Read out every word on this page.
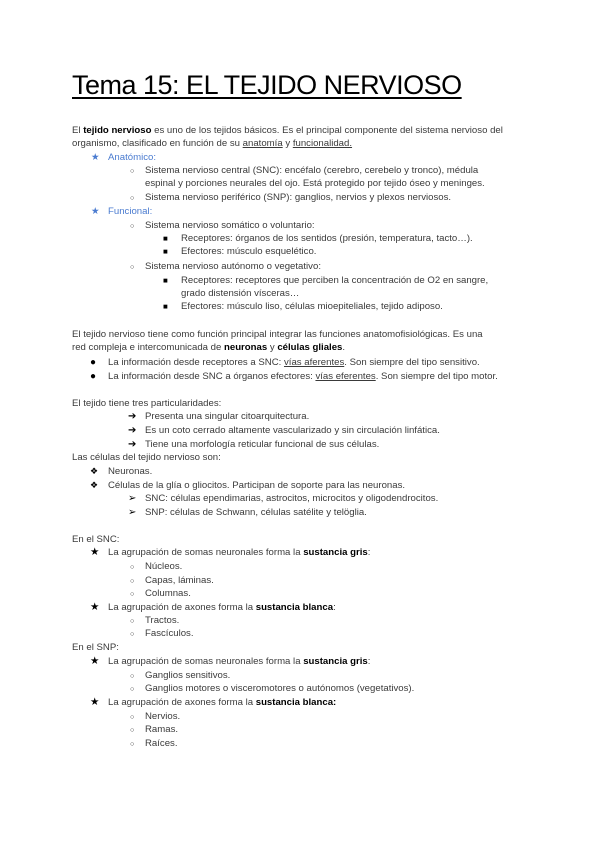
Tema 15: EL TEJIDO NERVIOSO
El tejido nervioso es uno de los tejidos básicos. Es el principal componente del sistema nervioso del
organismo, clasificado en función de su anatomía y funcionalidad.
★ Anatómico:
○ Sistema nervioso central (SNC): encéfalo (cerebro, cerebelo y tronco), médula
espinal y porciones neurales del ojo. Está protegido por tejido óseo y meninges.
○ Sistema nervioso periférico (SNP): ganglios, nervios y plexos nerviosos.
★ Funcional:
○ Sistema nervioso somático o voluntario:
■ Receptores: órganos de los sentidos (presión, temperatura, tacto…).
■ Efectores: músculo esquelético.
○ Sistema nervioso autónomo o vegetativo:
■ Receptores: receptores que perciben la concentración de O2 en sangre,
grado distensión vísceras…
■ Efectores: músculo liso, células mioepiteliales, tejido adiposo.
El tejido nervioso tiene como función principal integrar las funciones anatomofisiológicas. Es una
red compleja e intercomunicada de neuronas y células gliales.
● La información desde receptores a SNC: vías aferentes. Son siempre del tipo sensitivo.
● La información desde SNC a órganos efectores: vías eferentes. Son siempre del tipo motor.
El tejido tiene tres particularidades:
➔ Presenta una singular citoarquitectura.
➔ Es un coto cerrado altamente vascularizado y sin circulación linfática.
➔ Tiene una morfología reticular funcional de sus células.
Las células del tejido nervioso son:
❖ Neuronas.
❖ Células de la glía o gliocitos. Participan de soporte para las neuronas.
➢ SNC: células ependimarias, astrocitos, microcitos y oligodendrocitos.
➢ SNP: células de Schwann, células satélite y telöglia.
En el SNC:
★ La agrupación de somas neuronales forma la sustancia gris:
○ Núcleos.
○ Capas, láminas.
○ Columnas.
★ La agrupación de axones forma la sustancia blanca:
○ Tractos.
○ Fascículos.
En el SNP:
★ La agrupación de somas neuronales forma la sustancia gris:
○ Ganglios sensitivos.
○ Ganglios motores o visceromotores o autónomos (vegetativos).
★ La agrupación de axones forma la sustancia blanca:
○ Nervios.
○ Ramas.
○ Raíces.
